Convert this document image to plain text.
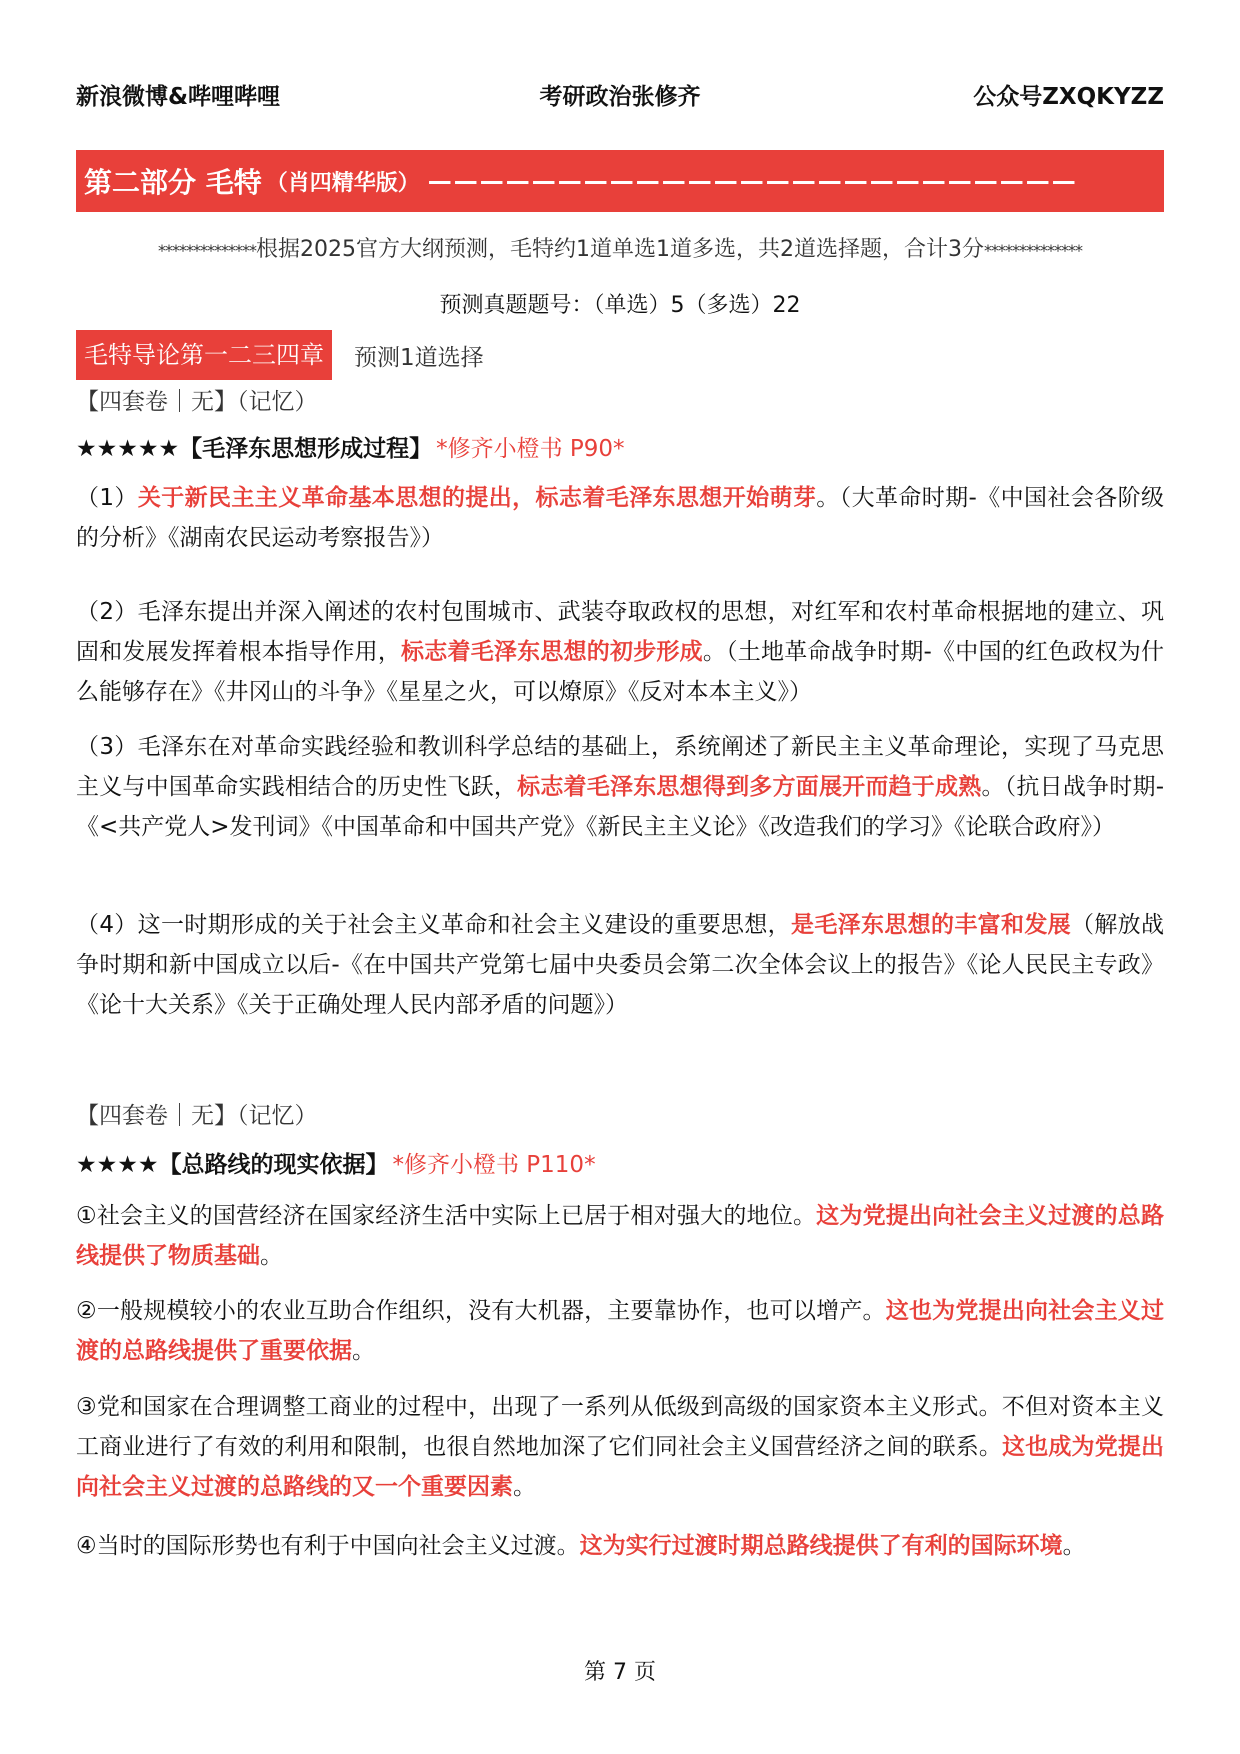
新浪微博&哔哩哔哩	考研政治张修齐	公众号ZXQKYZZ
第二部分 毛特 （肖四精华版） —————————————————————————
**************根据2025官方大纲预测，毛特约1道单选1道多选，共2道选择题，合计3分**************
预测真题题号：（单选）5（多选）22
毛特导论第一二三四章	预测1道选择
【四套卷｜无】（记忆）
★★★★★【毛泽东思想形成过程】 *修齐小橙书 P90*
（1）关于新民主主义革命基本思想的提出，标志着毛泽东思想开始萌芽。（大革命时期-《中国社会各阶级的分析》《湖南农民运动考察报告》）
（2）毛泽东提出并深入阐述的农村包围城市、武装夺取政权的思想，对红军和农村革命根据地的建立、巩固和发展发挥着根本指导作用，标志着毛泽东思想的初步形成。（土地革命战争时期-《中国的红色政权为什么能够存在》《井冈山的斗争》《星星之火，可以燎原》《反对本本主义》）
（3）毛泽东在对革命实践经验和教训科学总结的基础上，系统阐述了新民主主义革命理论，实现了马克思主义与中国革命实践相结合的历史性飞跃，标志着毛泽东思想得到多方面展开而趋于成熟。（抗日战争时期-《<共产党人>发刊词》《中国革命和中国共产党》《新民主主义论》《改造我们的学习》《论联合政府》）
（4）这一时期形成的关于社会主义革命和社会主义建设的重要思想，是毛泽东思想的丰富和发展（解放战争时期和新中国成立以后-《在中国共产党第七届中央委员会第二次全体会议上的报告》《论人民民主专政》《论十大关系》《关于正确处理人民内部矛盾的问题》）
【四套卷｜无】（记忆）
★★★★【总路线的现实依据】 *修齐小橙书 P110*
①社会主义的国营经济在国家经济生活中实际上已居于相对强大的地位。这为党提出向社会主义过渡的总路线提供了物质基础。
②一般规模较小的农业互助合作组织，没有大机器，主要靠协作，也可以增产。这也为党提出向社会主义过渡的总路线提供了重要依据。
③党和国家在合理调整工商业的过程中，出现了一系列从低级到高级的国家资本主义形式。不但对资本主义工商业进行了有效的利用和限制，也很自然地加深了它们同社会主义国营经济之间的联系。这也成为党提出向社会主义过渡的总路线的又一个重要因素。
④当时的国际形势也有利于中国向社会主义过渡。这为实行过渡时期总路线提供了有利的国际环境。
第 7 页
